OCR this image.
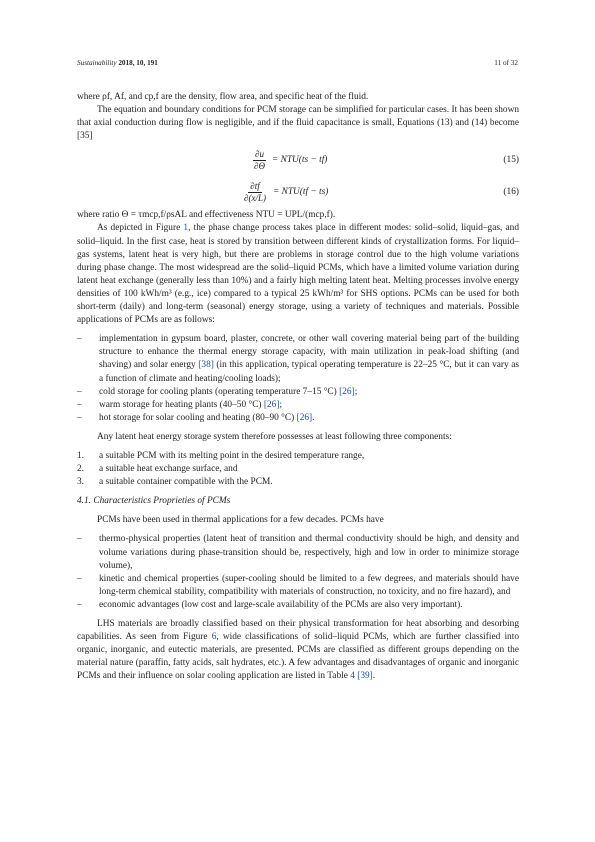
Sustainability 2018, 10, 191	11 of 32

where ρf, Af, and cp,f are the density, flow area, and specific heat of the fluid.

The equation and boundary conditions for PCM storage can be simplified for particular cases. It has been shown that axial conduction during flow is negligible, and if the fluid capacitance is small, Equations (13) and (14) become [35]

$\frac{\partial u}{\partial\Theta} = NTU(ts - tf)$	(15)
$\frac{\partial tf}{\partial(x/L)} = NTU(tf - ts)$	(16)

where ratio Θ = τmcp,f/ρsAL and effectiveness NTU = UPL/(mcp,f).

As depicted in Figure 1, the phase change process takes place in different modes: solid–solid, liquid–gas, and solid–liquid. In the first case, heat is stored by transition between different kinds of crystallization forms. For liquid–gas systems, latent heat is very high, but there are problems in storage control due to the high volume variations during phase change. The most widespread are the solid–liquid PCMs, which have a limited volume variation during latent heat exchange (generally less than 10%) and a fairly high melting latent heat. Melting processes involve energy densities of 100 kWh/m³ (e.g., ice) compared to a typical 25 kWh/m³ for SHS options. PCMs can be used for both short-term (daily) and long-term (seasonal) energy storage, using a variety of techniques and materials. Possible applications of PCMs are as follows:

– implementation in gypsum board, plaster, concrete, or other wall covering material being part of the building structure to enhance the thermal energy storage capacity, with main utilization in peak-load shifting (and shaving) and solar energy [38] (in this application, typical operating temperature is 22–25 °C, but it can vary as a function of climate and heating/cooling loads);
– cold storage for cooling plants (operating temperature 7–15 °C) [26];
– warm storage for heating plants (40–50 °C) [26];
– hot storage for solar cooling and heating (80–90 °C) [26].

Any latent heat energy storage system therefore possesses at least following three components:

1. a suitable PCM with its melting point in the desired temperature range,
2. a suitable heat exchange surface, and
3. a suitable container compatible with the PCM.

4.1. Characteristics Proprieties of PCMs

PCMs have been used in thermal applications for a few decades. PCMs have

– thermo-physical properties (latent heat of transition and thermal conductivity should be high, and density and volume variations during phase-transition should be, respectively, high and low in order to minimize storage volume),
– kinetic and chemical properties (super-cooling should be limited to a few degrees, and materials should have long-term chemical stability, compatibility with materials of construction, no toxicity, and no fire hazard), and
– economic advantages (low cost and large-scale availability of the PCMs are also very important).

LHS materials are broadly classified based on their physical transformation for heat absorbing and desorbing capabilities. As seen from Figure 6, wide classifications of solid–liquid PCMs, which are further classified into organic, inorganic, and eutectic materials, are presented. PCMs are classified as different groups depending on the material nature (paraffin, fatty acids, salt hydrates, etc.). A few advantages and disadvantages of organic and inorganic PCMs and their influence on solar cooling application are listed in Table 4 [39].
